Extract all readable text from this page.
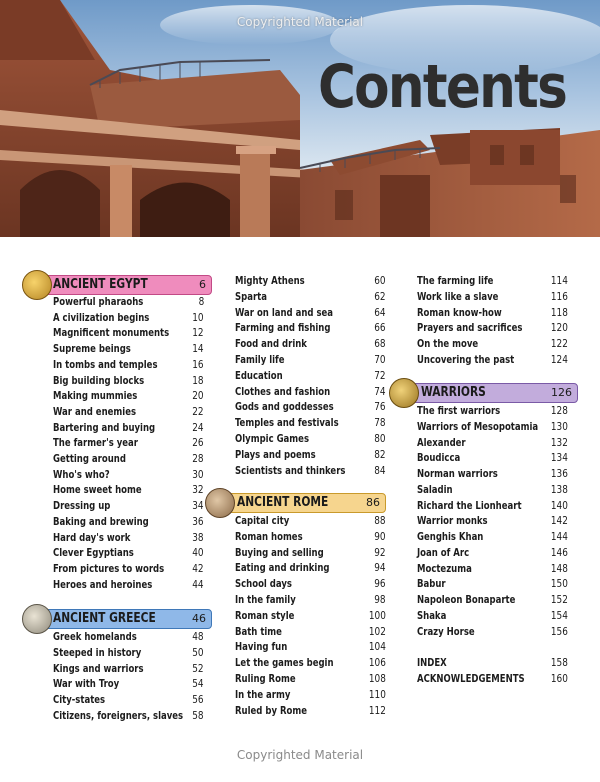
Copyrighted Material
Contents
ANCIENT EGYPT	6
ANCIENT GREECE	46
ANCIENT ROME	86
WARRIORS	126
Powerful pharaohs	8
A civilization begins	10
Magnificent monuments 12
Supreme beings	14
In tombs and temples	16
Big building blocks	18
Making mummies	20
War and enemies	22
Bartering and buying	24
The farmer's year	26
Getting around	28
Who's who?	30
Home sweet home	32
Dressing up	34
Baking and brewing	36
Hard day's work	38
Clever Egyptians	40
From pictures to words	42
Heroes and heroines	44
Greek homelands	48
Steeped in history	50
Kings and warriors	52
War with Troy	54
City-states	56
Citizens, foreigners, slaves 58
Mighty Athens	60
Sparta	62
War on land and sea	64
Farming and fishing	66
Food and drink	68
Family life	70
Education	72
Clothes and fashion	74
Gods and goddesses	76
Temples and festivals	78
Olympic Games	80
Plays and poems	82
Scientists and thinkers	84
Capital city	88
Roman homes	90
Buying and selling	92
Eating and drinking	94
School days	96
In the family	98
Roman style	100
Bath time	102
Having fun	104
Let the games begin	106
Ruling Rome	108
In the army	110
Ruled by Rome	112
The farming life	114
Work like a slave	116
Roman know-how	118
Prayers and sacrifices	120
On the move	122
Uncovering the past	124
The first warriors	128
Warriors of Mesopotamia 130
Alexander	132
Boudicca	134
Norman warriors	136
Saladin	138
Richard the Lionheart	140
Warrior monks	142
Genghis Khan	144
Joan of Arc	146
Moctezuma	148
Babur	150
Napoleon Bonaparte	152
Shaka	154
Crazy Horse	156
INDEX	158
ACKNOWLEDGEMENTS 160
Copyrighted Material
